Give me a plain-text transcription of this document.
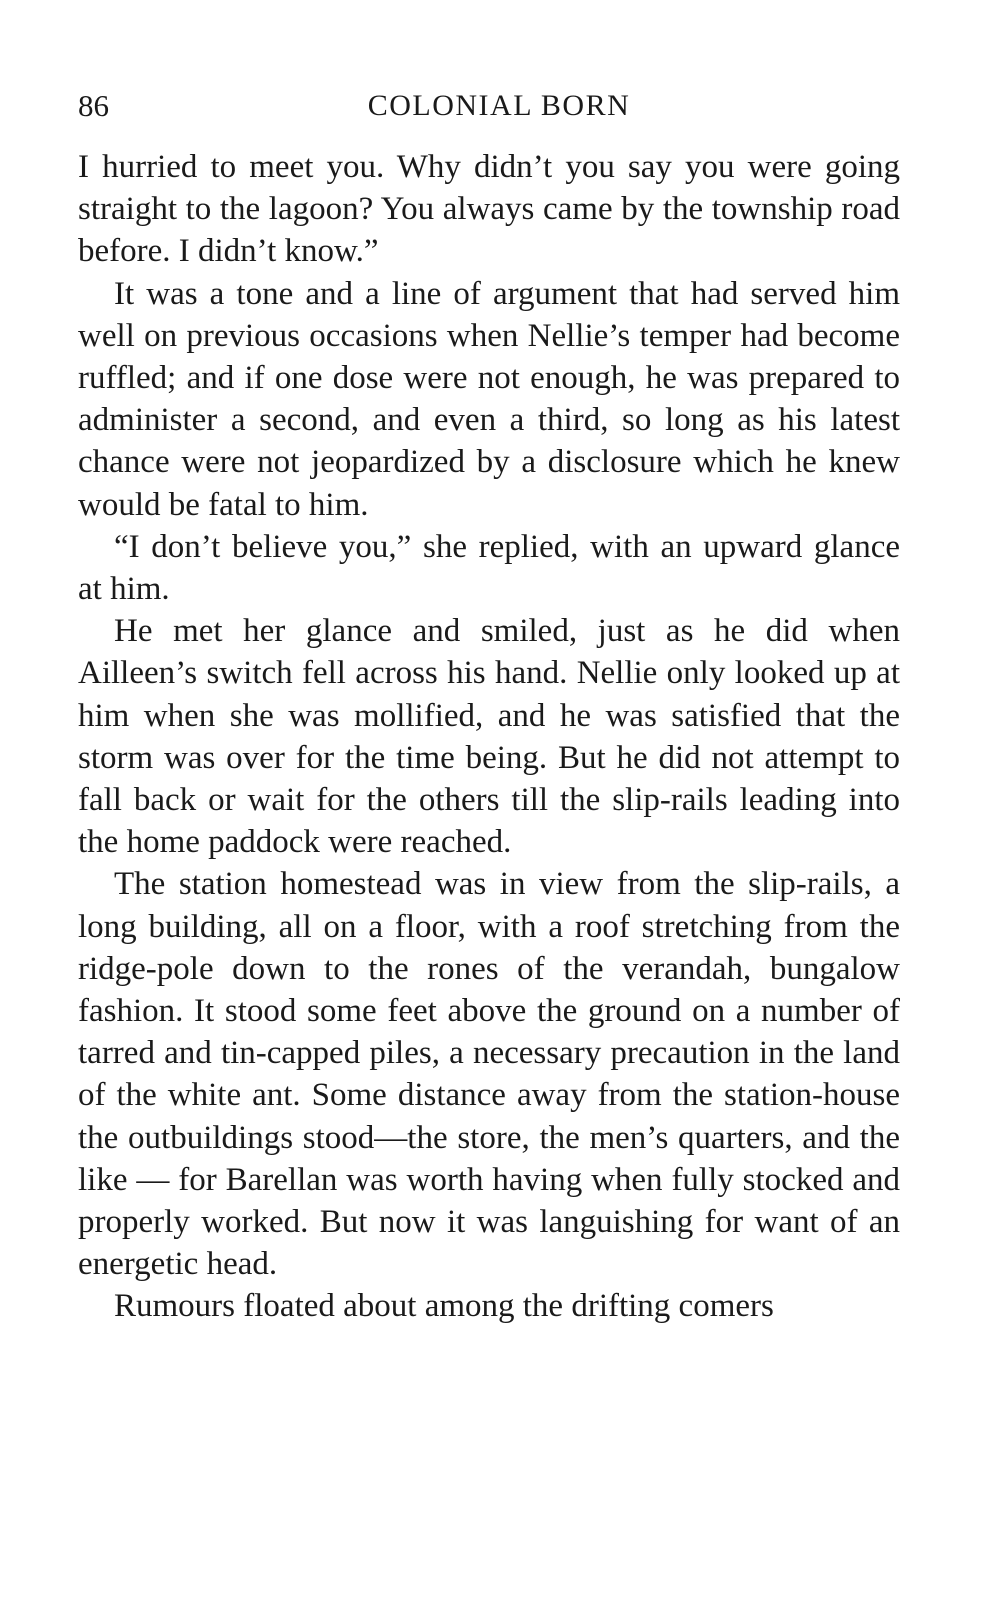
86	COLONIAL BORN

I hurried to meet you. Why didn’t you say you were going straight to the lagoon? You always came by the township road before. I didn’t know.”

It was a tone and a line of argument that had served him well on previous occasions when Nellie’s temper had become ruffled; and if one dose were not enough, he was prepared to administer a second, and even a third, so long as his latest chance were not jeopardized by a disclosure which he knew would be fatal to him.

“I don’t believe you,” she replied, with an upward glance at him.

He met her glance and smiled, just as he did when Ailleen’s switch fell across his hand. Nellie only looked up at him when she was mollified, and he was satisfied that the storm was over for the time being. But he did not attempt to fall back or wait for the others till the slip-rails leading into the home paddock were reached.

The station homestead was in view from the slip-rails, a long building, all on a floor, with a roof stretching from the ridge-pole down to the rones of the verandah, bungalow fashion. It stood some feet above the ground on a number of tarred and tin-capped piles, a necessary precaution in the land of the white ant. Some distance away from the station-house the outbuildings stood—the store, the men’s quarters, and the like — for Barellan was worth having when fully stocked and properly worked. But now it was languishing for want of an energetic head.

Rumours floated about among the drifting comers
